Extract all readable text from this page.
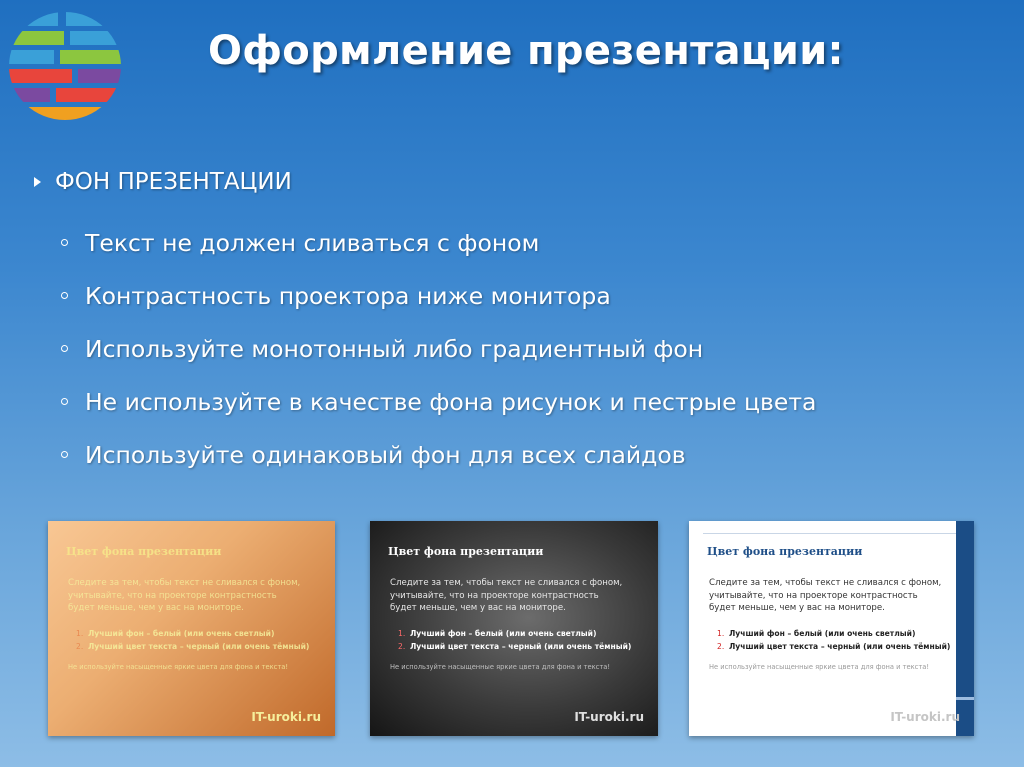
Оформление презентации:
ФОН ПРЕЗЕНТАЦИИ
Текст не должен сливаться с фоном
Контрастность проектора ниже монитора
Используйте монотонный либо градиентный фон
Не используйте в качестве фона рисунок и пестрые цвета
Используйте одинаковый фон для всех слайдов
Цвет фона презентации
Следите за тем, чтобы текст не сливался с фоном,
учитывайте, что на проекторе контрастность
будет меньше, чем у вас на мониторе.
1. Лучший фон – белый (или очень светлый)
2. Лучший цвет текста – черный (или очень тёмный)
Не используйте насыщенные яркие цвета для фона и текста!
IT-uroki.ru
Цвет фона презентации
Следите за тем, чтобы текст не сливался с фоном,
учитывайте, что на проекторе контрастность
будет меньше, чем у вас на мониторе.
1. Лучший фон – белый (или очень светлый)
2. Лучший цвет текста – черный (или очень тёмный)
Не используйте насыщенные яркие цвета для фона и текста!
IT-uroki.ru
Цвет фона презентации
Следите за тем, чтобы текст не сливался с фоном,
учитывайте, что на проекторе контрастность
будет меньше, чем у вас на мониторе.
1. Лучший фон – белый (или очень светлый)
2. Лучший цвет текста – черный (или очень тёмный)
Не используйте насыщенные яркие цвета для фона и текста!
IT-uroki.ru
